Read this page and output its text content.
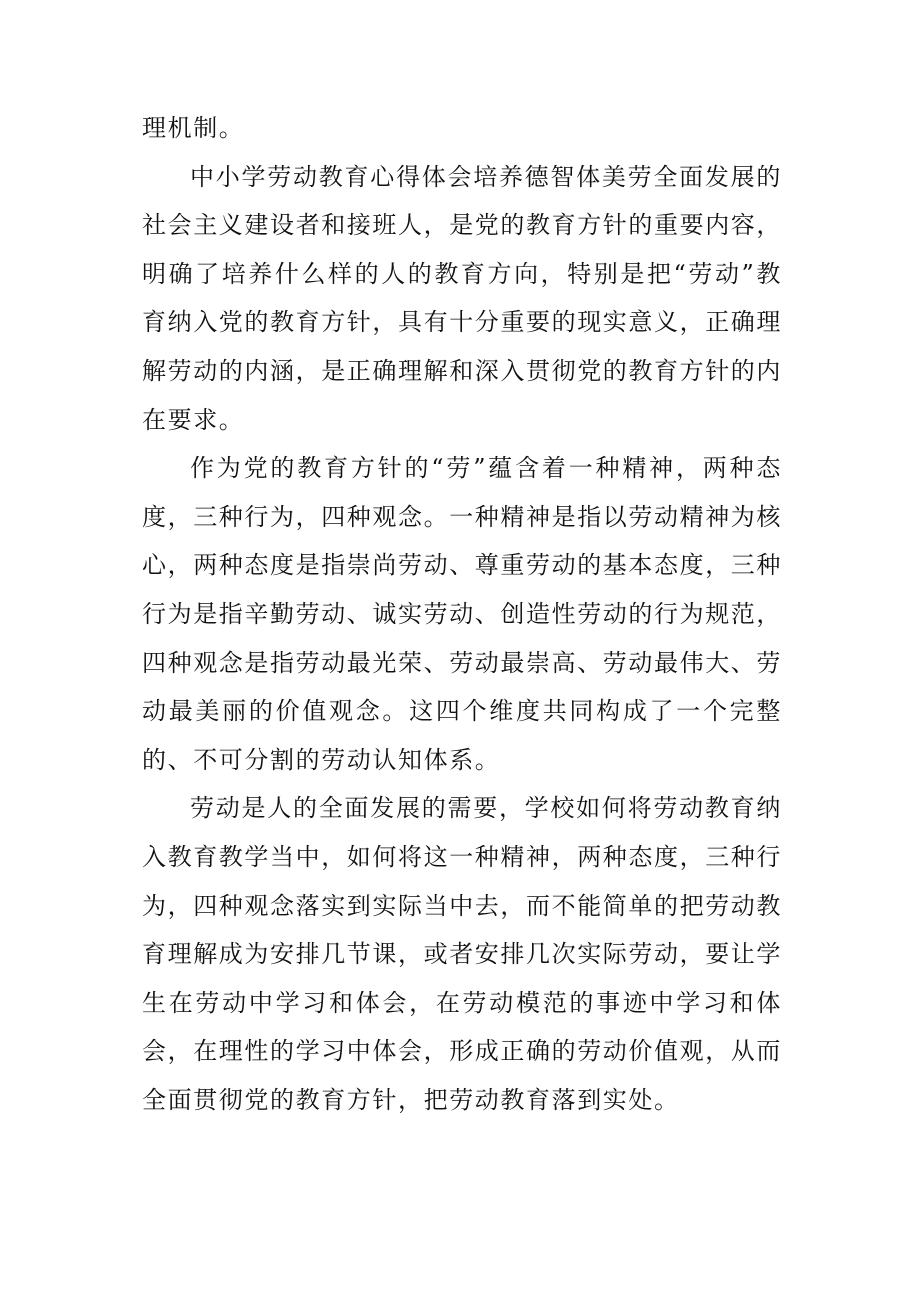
理机制。

中小学劳动教育心得体会培养德智体美劳全面发展的社会主义建设者和接班人，是党的教育方针的重要内容，明确了培养什么样的人的教育方向，特别是把“劳动”教育纳入党的教育方针，具有十分重要的现实意义，正确理解劳动的内涵，是正确理解和深入贯彻党的教育方针的内在要求。

作为党的教育方针的“劳”蕴含着一种精神，两种态度，三种行为，四种观念。一种精神是指以劳动精神为核心，两种态度是指崇尚劳动、尊重劳动的基本态度，三种行为是指辛勤劳动、诚实劳动、创造性劳动的行为规范，四种观念是指劳动最光荣、劳动最崇高、劳动最伟大、劳动最美丽的价值观念。这四个维度共同构成了一个完整的、不可分割的劳动认知体系。

劳动是人的全面发展的需要，学校如何将劳动教育纳入教育教学当中，如何将这一种精神，两种态度，三种行为，四种观念落实到实际当中去，而不能简单的把劳动教育理解成为安排几节课，或者安排几次实际劳动，要让学生在劳动中学习和体会，在劳动模范的事迹中学习和体会，在理性的学习中体会，形成正确的劳动价值观，从而全面贯彻党的教育方针，把劳动教育落到实处。
